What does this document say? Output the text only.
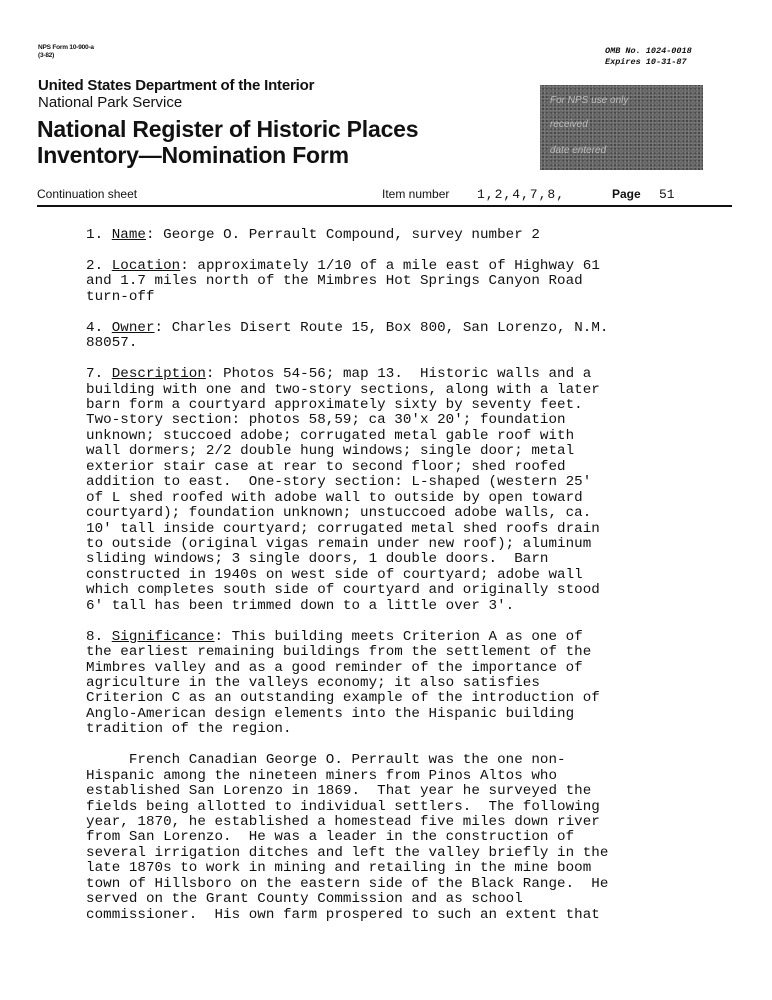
NPS Form 10-900-a
(3-82)	OMB No. 1024-0018
Expires 10-31-87
United States Department of the Interior
National Park Service
National Register of Historic Places
Inventory—Nomination Form
For NPS use only
received
date entered
Continuation sheet	Item number 1,2,4,7,8,	Page 51
1. Name: George O. Perrault Compound, survey number 2
2. Location: approximately 1/10 of a mile east of Highway 61
and 1.7 miles north of the Mimbres Hot Springs Canyon Road
turn-off
4. Owner: Charles Disert Route 15, Box 800, San Lorenzo, N.M.
88057.
7. Description: Photos 54-56; map 13.  Historic walls and a
building with one and two-story sections, along with a later
barn form a courtyard approximately sixty by seventy feet.
Two-story section: photos 58,59; ca 30'x 20'; foundation
unknown; stuccoed adobe; corrugated metal gable roof with
wall dormers; 2/2 double hung windows; single door; metal
exterior stair case at rear to second floor; shed roofed
addition to east.  One-story section: L-shaped (western 25'
of L shed roofed with adobe wall to outside by open toward
courtyard); foundation unknown; unstuccoed adobe walls, ca.
10' tall inside courtyard; corrugated metal shed roofs drain
to outside (original vigas remain under new roof); aluminum
sliding windows; 3 single doors, 1 double doors.  Barn
constructed in 1940s on west side of courtyard; adobe wall
which completes south side of courtyard and originally stood
6' tall has been trimmed down to a little over 3'.
8. Significance: This building meets Criterion A as one of
the earliest remaining buildings from the settlement of the
Mimbres valley and as a good reminder of the importance of
agriculture in the valleys economy; it also satisfies
Criterion C as an outstanding example of the introduction of
Anglo-American design elements into the Hispanic building
tradition of the region.
French Canadian George O. Perrault was the one non-
Hispanic among the nineteen miners from Pinos Altos who
established San Lorenzo in 1869.  That year he surveyed the
fields being allotted to individual settlers.  The following
year, 1870, he established a homestead five miles down river
from San Lorenzo.  He was a leader in the construction of
several irrigation ditches and left the valley briefly in the
late 1870s to work in mining and retailing in the mine boom
town of Hillsboro on the eastern side of the Black Range.  He
served on the Grant County Commission and as school
commissioner.  His own farm prospered to such an extent that
